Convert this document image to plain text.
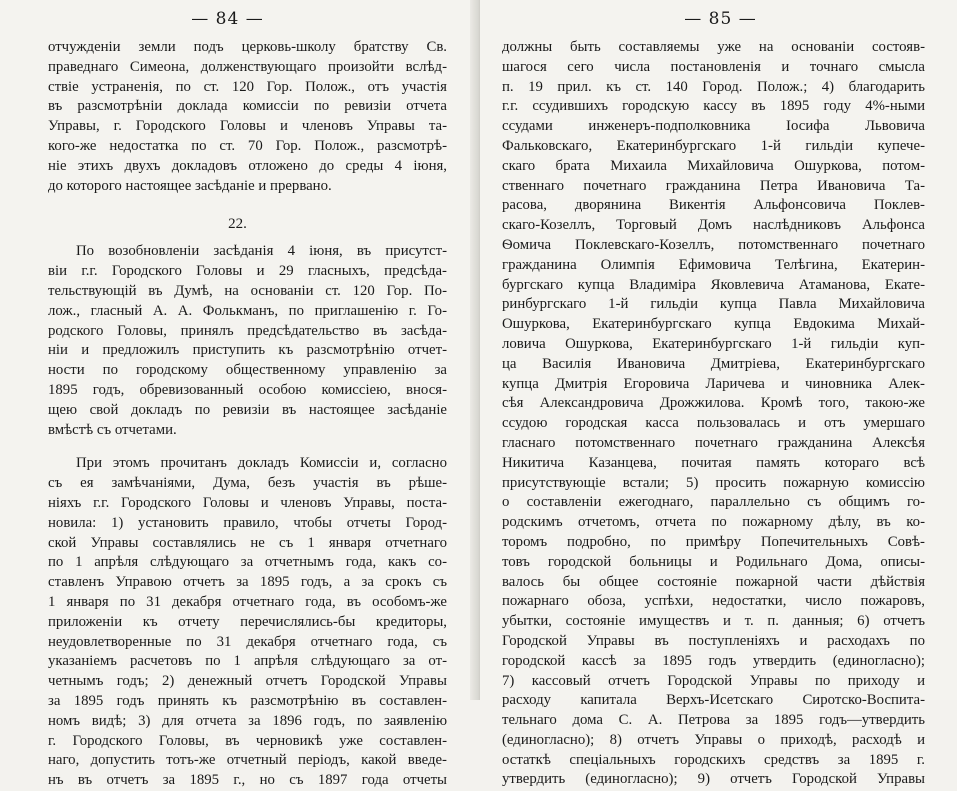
— 84 —
отчужденіи земли подъ церковь-школу братству Св.
праведнаго Симеона, долженствующаго произойти вслѣд-
ствіе устраненія, по ст. 120 Гор. Полож., отъ участія
въ разсмотрѣніи доклада комиссіи по ревизіи отчета
Управы, г. Городского Головы и членовъ Управы та-
кого-же недостатка по ст. 70 Гор. Полож., разсмотрѣ-
ніе этихъ двухъ докладовъ отложено до среды 4 іюня,
до которого настоящее засѣданіе и прервано.
22.
По возобновленіи засѣданія 4 іюня, въ присутст-
віи г.г. Городского Головы и 29 гласныхъ, предсѣда-
тельствующій въ Думѣ, на основаніи ст. 120 Гор. По-
лож., гласный А. А. Фолькманъ, по приглашенію г. Го-
родского Головы, принялъ предсѣдательство въ засѣда-
ніи и предложилъ приступить къ разсмотрѣнію отчет-
ности по городскому общественному управленію за
1895 годъ, обревизованный особою комиссіею, внося-
щею свой докладъ по ревизіи въ настоящее засѣданіе
вмѣстѣ съ отчетами.
При этомъ прочитанъ докладъ Комиссіи и, согласно
съ ея замѣчаніями, Дума, безъ участія въ рѣше-
ніяхъ г.г. Городского Головы и членовъ Управы, поста-
новила: 1) установить правило, чтобы отчеты Город-
ской Управы составлялись не съ 1 января отчетнаго
по 1 апрѣля слѣдующаго за отчетнымъ года, какъ со-
ставленъ Управою отчетъ за 1895 годъ, а за срокъ съ
1 января по 31 декабря отчетнаго года, въ особомъ-же
приложеніи къ отчету перечислялись-бы кредиторы,
неудовлетворенные по 31 декабря отчетнаго года, съ
указаніемъ расчетовъ по 1 апрѣля слѣдующаго за от-
четнымъ годъ; 2) денежный отчетъ Городской Управы
за 1895 годъ принять къ разсмотрѣнію въ составлен-
номъ видѣ; 3) для отчета за 1896 годъ, по заявленію
г. Городского Головы, въ черновикѣ уже составлен-
наго, допустить тотъ-же отчетный періодъ, какой введе-
нъ въ отчетъ за 1895 г., но съ 1897 года отчеты
— 85 —
должны быть составляемы уже на основаніи состояв-
шагося сего числа постановленія и точнаго смысла
п. 19 прил. къ ст. 140 Город. Полож.; 4) благодарить
г.г. ссудившихъ городскую кассу въ 1895 году 4%-ными
ссудами инженеръ-подполковника Іосифа Львовича
Фальковскаго, Екатеринбургскаго 1-й гильдіи купече-
скаго брата Михаила Михайловича Ошуркова, потом-
ственнаго почетнаго гражданина Петра Ивановича Та-
расова, дворянина Викентія Альфонсовича Поклев-
скаго-Козеллъ, Торговый Домъ наслѣдниковъ Альфонса
Ѳомича Поклевскаго-Козеллъ, потомственнаго почетнаго
гражданина Олимпія Ефимовича Телѣгина, Екатерин-
бургскаго купца Владиміра Яковлевича Атаманова, Екате-
ринбургскаго 1-й гильдіи купца Павла Михайловича
Ошуркова, Екатеринбургскаго купца Евдокима Михай-
ловича Ошуркова, Екатеринбургскаго 1-й гильдіи куп-
ца Василія Ивановича Дмитріева, Екатеринбургскаго
купца Дмитрія Егоровича Ларичева и чиновника Алек-
сѣя Александровича Дрожжилова. Кромѣ того, такою-же
ссудою городская касса пользовалась и отъ умершаго
гласнаго потомственнаго почетнаго гражданина Алексѣя
Никитича Казанцева, почитая память котораго всѣ
присутствующіе встали; 5) просить пожарную комиссію
о составленіи ежегоднаго, параллельно съ общимъ го-
родскимъ отчетомъ, отчета по пожарному дѣлу, въ ко-
торомъ подробно, по примѣру Попечительныхъ Совѣ-
товъ городской больницы и Родильнаго Дома, описы-
валось бы общее состояніе пожарной части дѣйствія
пожарнаго обоза, успѣхи, недостатки, число пожаровъ,
убытки, состояніе имуществъ и т. п. данныя; 6) отчетъ
Городской Управы въ поступленіяхъ и расходахъ по
городской кассѣ за 1895 годъ утвердить (единогласно);
7) кассовый отчетъ Городской Управы по приходу и
расходу капитала Верхъ-Исетскаго Сиротско-Воспита-
тельнаго дома С. А. Петрова за 1895 годъ—утвердить
(единогласно); 8) отчетъ Управы о приходѣ, расходѣ и
остаткѣ спеціальныхъ городскихъ средствъ за 1895 г.
утвердить (единогласно); 9) отчетъ Городской Управы
